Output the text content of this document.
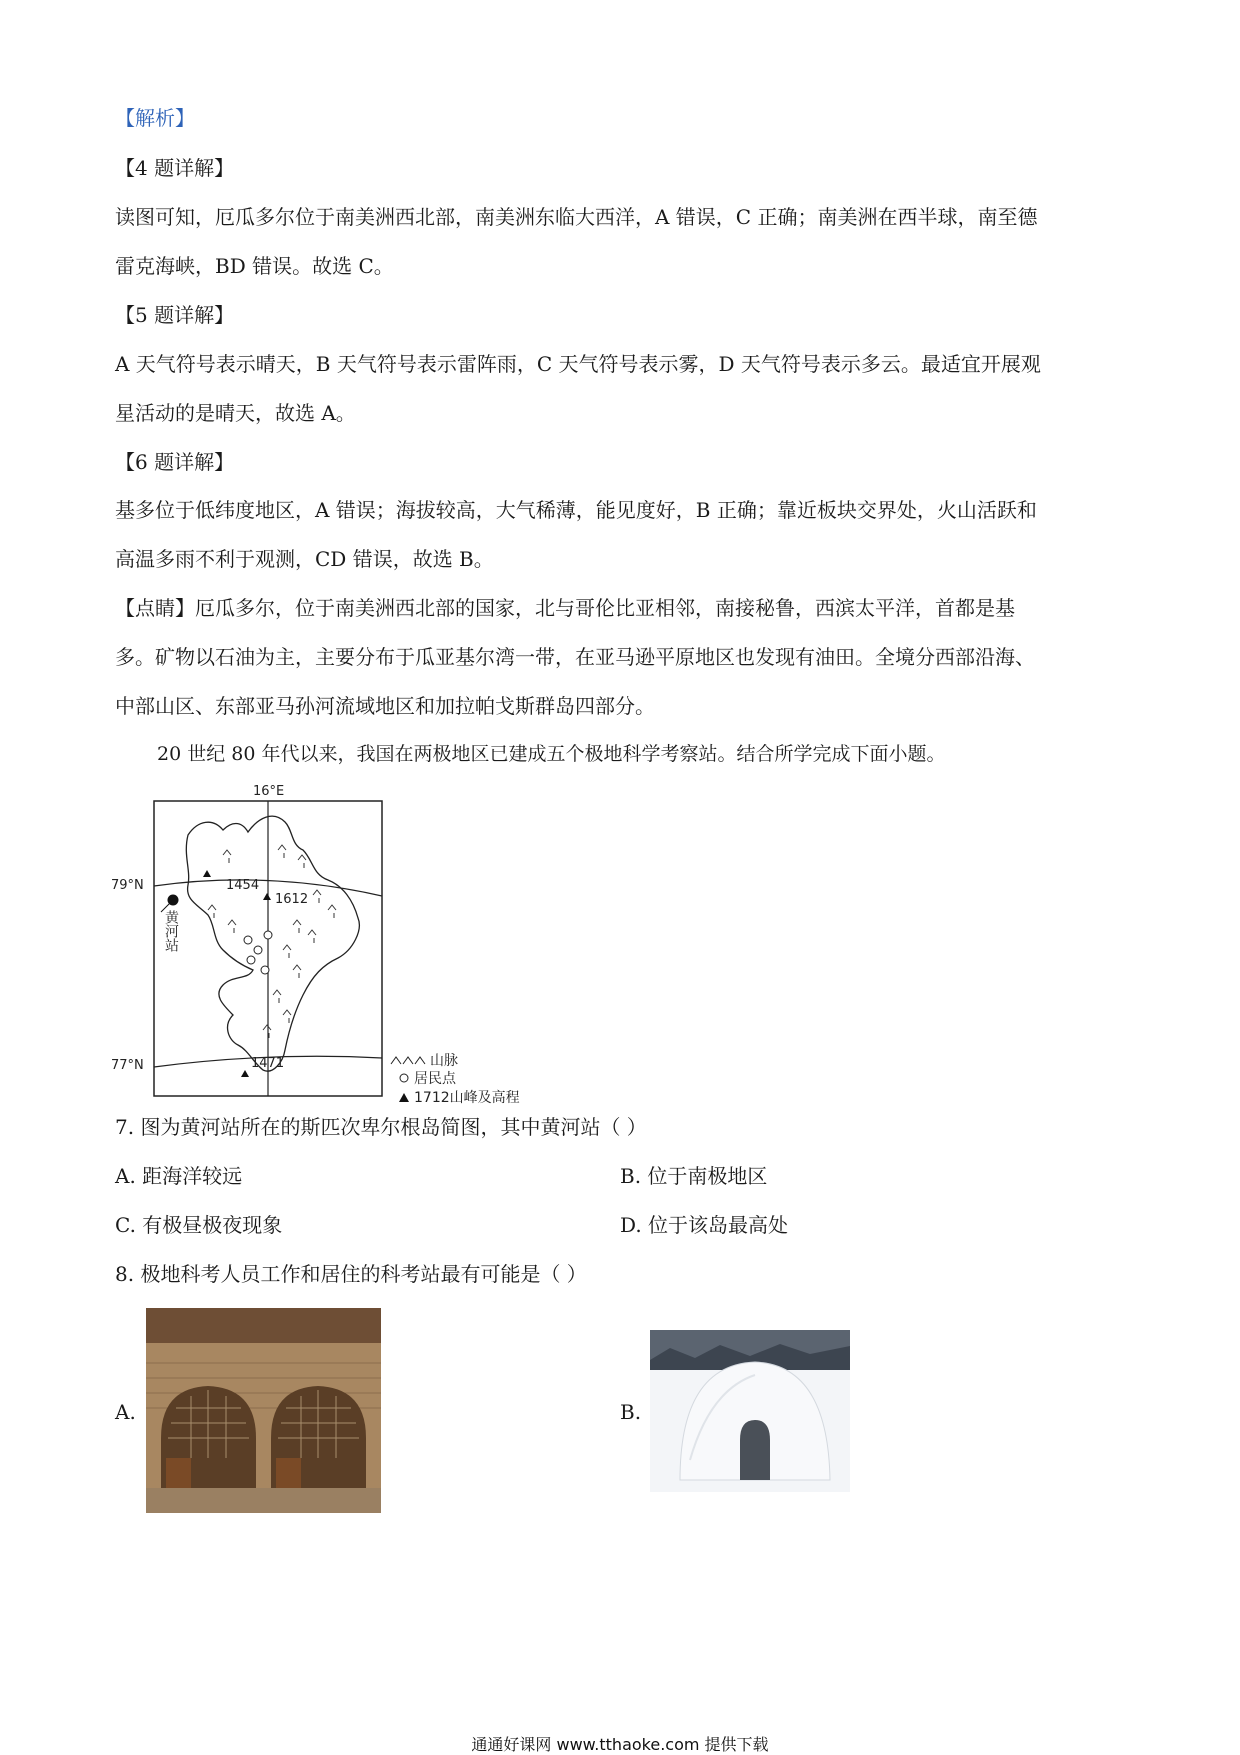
【解析】
【4 题详解】
读图可知，厄瓜多尔位于南美洲西北部，南美洲东临大西洋，A 错误，C 正确；南美洲在西半球，南至德
雷克海峡，BD 错误。故选 C。
【5 题详解】
A 天气符号表示晴天，B 天气符号表示雷阵雨，C 天气符号表示雾，D 天气符号表示多云。最适宜开展观
星活动的是晴天，故选 A。
【6 题详解】
基多位于低纬度地区，A 错误；海拔较高，大气稀薄，能见度好，B 正确；靠近板块交界处，火山活跃和
高温多雨不利于观测，CD 错误，故选 B。
【点睛】厄瓜多尔，位于南美洲西北部的国家，北与哥伦比亚相邻，南接秘鲁，西滨太平洋，首都是基
多。矿物以石油为主，主要分布于瓜亚基尔湾一带，在亚马逊平原地区也发现有油田。全境分西部沿海、
中部山区、东部亚马孙河流域地区和加拉帕戈斯群岛四部分。
20 世纪 80 年代以来，我国在两极地区已建成五个极地科学考察站。结合所学完成下面小题。
16°E
79°N
77°N
黄河站
1454
1612
1471	山脉
居民点
1712山峰及高程
7. 图为黄河站所在的斯匹次卑尔根岛简图，其中黄河站（ ）
A. 距海洋较远	B. 位于南极地区
C. 有极昼极夜现象	D. 位于该岛最高处
8. 极地科考人员工作和居住的科考站最有可能是（ ）
A.	B.
通通好课网 www.tthaoke.com 提供下载
